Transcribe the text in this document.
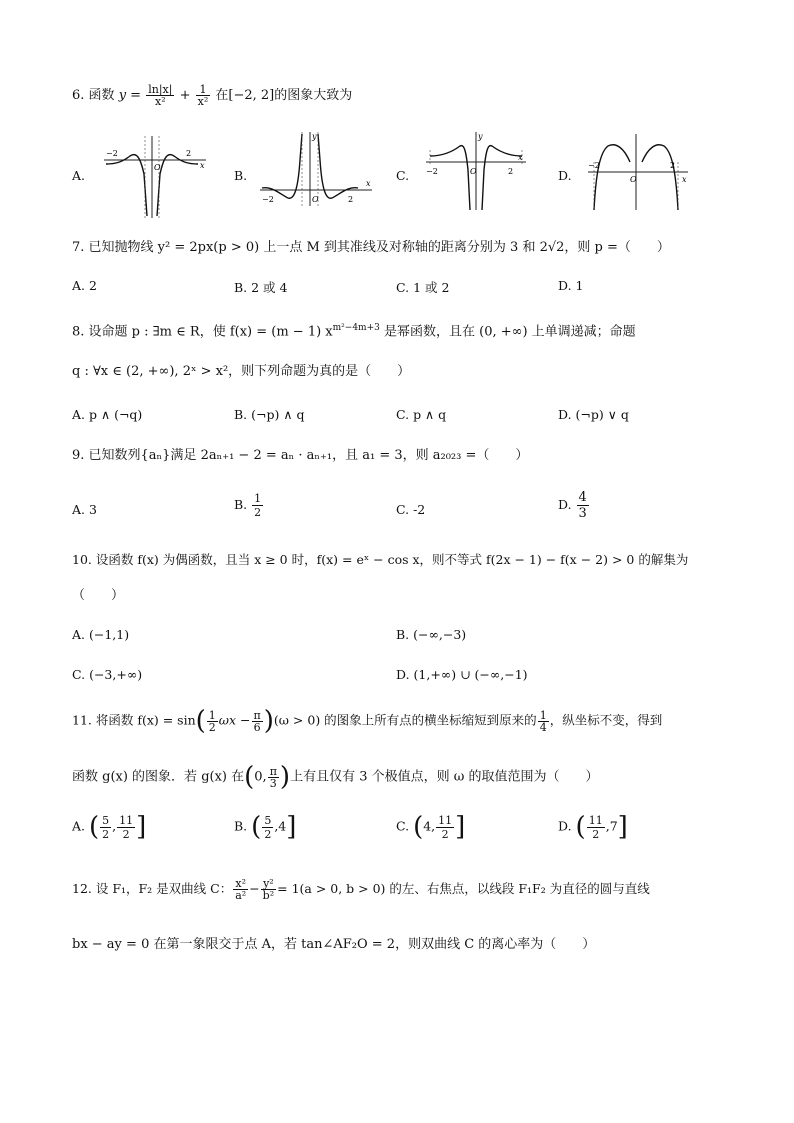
6. 函数 $y = \frac{\ln|x|}{\text{x²}} + \frac{1}{\text{x²}}$ 在[−2, 2]的图象大致为
A.
−2
O
2
x
B.
−2	O	2
y
x
C. −2	O	2
x
y
D.
−2
O
2
x
7. 已知抛物线 y² = 2px(p > 0) 上一点 M 到其准线及对称轴的距离分别为 3 和 2√2，则 p =（　　）
A. 2	B. 2 或 4	C. 1 或 2	D. 1
8. 设命题 p : ∃m ∈ R，使 f(x) = (m − 1) $x^{m^2-4m+3}$ 是幂函数，且在 (0, +∞) 上单调递减；命题
q : ∀x ∈ (2, +∞), 2ˣ > x²，则下列命题为真的是（　　）
A. p ∧ (¬q)	B. (¬p) ∧ q	C. p ∧ q	D. (¬p) ∨ q
9. 已知数列{aₙ}满足 2aₙ₊₁ − 2 = aₙ · aₙ₊₁，且 a₁ = 3，则 a₂₀₂₃ =（　　）
A. 3	B. $\frac{1}{2}$	C. -2	D. $\frac{4}{3}$
10. 设函数 f(x) 为偶函数，且当 x ≥ 0 时，f(x) = eˣ − cos x，则不等式 f(2x − 1) − f(x − 2) > 0 的解集为
（　　）
A. (−1,1)	B. (−∞,−3)
C. (−3,+∞)	D. (1,+∞) ∪ (−∞,−1)
11. 将函数 $f(x) = \sin( \frac{1}{2}$ $\omega x - \frac{\pi}{6} )(\omega > 0)$ 的图象上所有点的横坐标缩短到原来的 $\frac{1}{4}$ ，纵坐标不变，得到
函数 g(x) 的图象．若 g(x) 在(0, $\frac{\pi}{3}$ )上有且仅有 3 个极值点，则 ω 的取值范围为（　　）
A. ( $\frac{5}{2}$ , $\frac{11}{2}$ ]	B. ( $\frac{5}{2} ,4$]	C. (4, $\frac{11}{2}$ ]	D. ( $\frac{11}{2} ,7$]
12. 设 F₁，F₂ 是双曲线 C： $\frac{\text{x²}}{\text{a²}} - \frac{\text{y²}}{\text{b²}} = 1(a > 0$, b > 0) 的左、右焦点，以线段 F₁F₂ 为直径的圆与直线
bx − ay = 0 在第一象限交于点 A，若 tan∠AF₂O = 2，则双曲线 C 的离心率为（　　）
